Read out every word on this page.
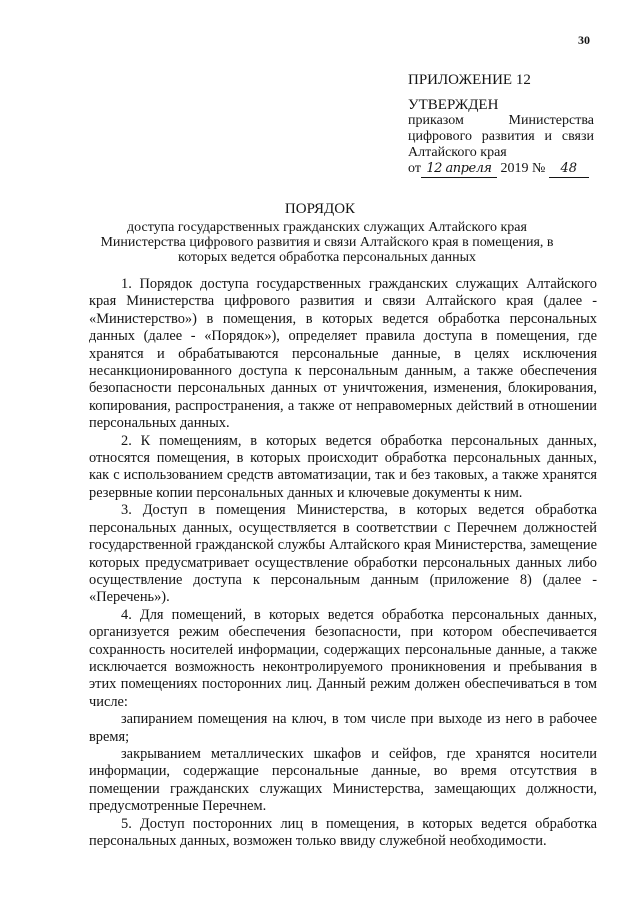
30
ПРИЛОЖЕНИЕ 12
УТВЕРЖДЕН
приказом Министерства цифрового развития и связи Алтайского края
от 12 апреля 2019 № 48
ПОРЯДОК
доступа государственных гражданских служащих Алтайского края Министерства цифрового развития и связи Алтайского края в помещения, в которых ведется обработка персональных данных

1. Порядок доступа государственных гражданских служащих Алтайского края Министерства цифрового развития и связи Алтайского края (далее - «Министерство») в помещения, в которых ведется обработка персональных данных (далее - «Порядок»), определяет правила доступа в помещения, где хранятся и обрабатываются персональные данные, в целях исключения несанкционированного доступа к персональным данным, а также обеспечения безопасности персональных данных от уничтожения, изменения, блокирования, копирования, распространения, а также от неправомерных действий в отношении персональных данных.

2. К помещениям, в которых ведется обработка персональных данных, относятся помещения, в которых происходит обработка персональных данных, как с использованием средств автоматизации, так и без таковых, а также хранятся резервные копии персональных данных и ключевые документы к ним.

3. Доступ в помещения Министерства, в которых ведется обработка персональных данных, осуществляется в соответствии с Перечнем должностей государственной гражданской службы Алтайского края Министерства, замещение которых предусматривает осуществление обработки персональных данных либо осуществление доступа к персональным данным (приложение 8) (далее - «Перечень»).

4. Для помещений, в которых ведется обработка персональных данных, организуется режим обеспечения безопасности, при котором обеспечивается сохранность носителей информации, содержащих персональные данные, а также исключается возможность неконтролируемого проникновения и пребывания в этих помещениях посторонних лиц. Данный режим должен обеспечиваться в том числе:

запиранием помещения на ключ, в том числе при выходе из него в рабочее время;

закрыванием металлических шкафов и сейфов, где хранятся носители информации, содержащие персональные данные, во время отсутствия в помещении гражданских служащих Министерства, замещающих должности, предусмотренные Перечнем.

5. Доступ посторонних лиц в помещения, в которых ведется обработка персональных данных, возможен только ввиду служебной необходимости.
